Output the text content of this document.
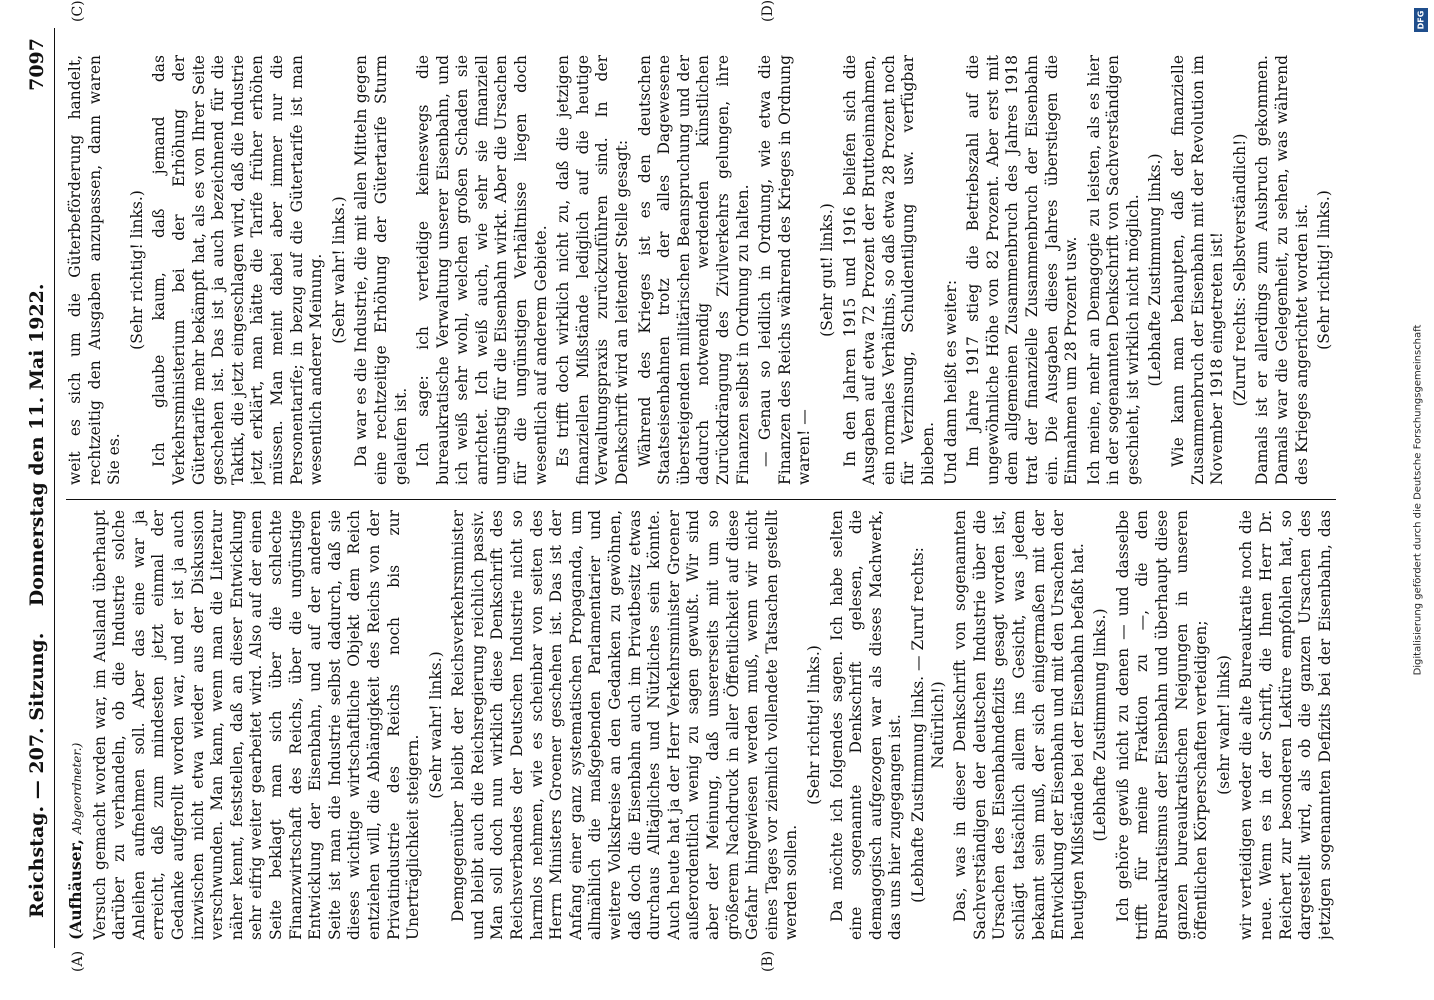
Reichstag. — 207. Sitzung.    Donnerstag den 11. Mai 1922.
7097
(A)	(B)
(C)	(D)

(Aufhäuser, Abgeordneter.) Versuch gemacht worden war, im Ausland überhaupt darüber zu verhandeln, ob die Industrie solche Anleihen aufnehmen soll. Aber das eine war ja erreicht, daß zum mindesten jetzt einmal der Gedanke aufgerollt worden war, und er ist ja auch inzwischen nicht etwa wieder aus der Diskussion verschwunden. Man kann, wenn man die Literatur näher kennt, feststellen, daß an dieser Entwicklung sehr eifrig weiter gearbeitet wird. Also auf der einen Seite beklagt man sich über die schlechte Finanzwirtschaft des Reichs, über die ungünstige Entwicklung der Eisenbahn, und auf der anderen Seite ist man die Industrie selbst dadurch, daß sie dieses wichtige wirtschaftliche Objekt dem Reich entziehen will, die Abhängigkeit des Reichs von der Privatindustrie des Reichs noch bis zur Unerträglichkeit steigern.

(Sehr wahr! links.) Demgegenüber bleibt der Reichsverkehrsminister und bleibt auch die Reichsregierung reichlich passiv. Man soll doch nun wirklich diese Denkschrift des Reichsverbandes der Deutschen Industrie nicht so harmlos nehmen, wie es scheinbar von seiten des Herrn Ministers Groener geschehen ist. Das ist der Anfang einer ganz systematischen Propaganda, um allmählich die maßgebenden Parlamentarier und weitere Volkskreise an den Gedanken zu gewöhnen, daß doch die Eisenbahn auch im Privatbesitz etwas durchaus Alltägliches und Nützliches sein könnte. Auch heute hat ja der Herr Verkehrsminister Groener außerordentlich wenig zu sagen gewußt. Wir sind aber der Meinung, daß unsererseits mit um so größerem Nachdruck in aller Öffentlichkeit auf diese Gefahr hingewiesen werden muß, wenn wir nicht eines Tages vor ziemlich vollendete Tatsachen gestellt werden sollen.

(Sehr richtig! links.) Da möchte ich folgendes sagen. Ich habe selten eine sogenannte Denkschrift gelesen, die demagogisch aufgezogen war als dieses Machwerk, das uns hier zugegangen ist. (Lebhafte Zustimmung links. — Zuruf rechts: Natürlich!) Das, was in dieser Denkschrift von sogenannten Sachverständigen der deutschen Industrie über die Ursachen des Eisenbahndefizits gesagt worden ist, schlägt tatsächlich allem ins Gesicht, was jedem bekannt sein muß, der sich einigermaßen mit der Entwicklung der Eisenbahn und mit den Ursachen der heutigen Mißstände bei der Eisenbahn befaßt hat. (Lebhafte Zustimmung links.) Ich gehöre gewiß nicht zu denen — und dasselbe trifft für meine Fraktion zu —, die den Bureaukratismus der Eisenbahn und überhaupt diese ganzen bureaukratischen Neigungen in unseren öffentlichen Körperschaften verteidigen; (sehr wahr! links)

wir verteidigen weder die alte Bureaukratie noch die neue. Wenn es in der Schrift, die Ihnen Herr Dr. Reichert zur besonderen Lektüre empfohlen hat, so dargestellt wird, als ob die ganzen Ursachen des jetzigen sogenannten Defizits bei der Eisenbahn, das

weit es sich um die Güterbeförderung handelt, rechtzeitig den Ausgaben anzupassen, dann waren Sie es.

(Sehr richtig! links.) Ich glaube kaum, daß jemand das Verkehrsministerium bei der Erhöhung der Gütertarife mehr bekämpft hat, als es von Ihrer Seite geschehen ist. Das ist ja auch bezeichnend für die Taktik, die jetzt eingeschlagen wird, daß die Industrie jetzt erklärt, man hätte die Tarife früher erhöhen müssen. Man meint dabei aber immer nur die Personentarife; in bezug auf die Gütertarife ist man wesentlich anderer Meinung. (Sehr wahr! links.) Da war es die Industrie, die mit allen Mitteln gegen eine rechtzeitige Erhöhung der Gütertarife Sturm gelaufen ist. Ich sage: ich verteidige keineswegs die bureaukratische Verwaltung unserer Eisenbahn, und ich weiß sehr wohl, welchen großen Schaden sie anrichtet. Ich weiß auch, wie sehr sie finanziell ungünstig für die Eisenbahn wirkt. Aber die Ursachen für die ungünstigen Verhältnisse liegen doch wesentlich auf anderem Gebiete. Es trifft doch wirklich nicht zu, daß die jetzigen finanziellen Mißstände lediglich auf die heutige Verwaltungspraxis zurückzuführen sind. In der Denkschrift wird an leitender Stelle gesagt: Während des Krieges ist es den deutschen Staatseisenbahnen trotz der alles Dagewesene übersteigenden militärischen Beanspruchung und der dadurch notwendig werdenden künstlichen Zurückdrängung des Zivilverkehrs gelungen, ihre Finanzen selbst in Ordnung zu halten. — Genau so leidlich in Ordnung, wie etwa die Finanzen des Reichs während des Krieges in Ordnung waren! —

(Sehr gut! links.) In den Jahren 1915 und 1916 beliefen sich die Ausgaben auf etwa 72 Prozent der Bruttoeinnahmen, ein normales Verhältnis, so daß etwa 28 Prozent noch für Verzinsung, Schuldentilgung usw. verfügbar blieben. Und dann heißt es weiter: Im Jahre 1917 stieg die Betriebszahl auf die ungewöhnliche Höhe von 82 Prozent. Aber erst mit dem allgemeinen Zusammenbruch des Jahres 1918 trat der finanzielle Zusammenbruch der Eisenbahn ein. Die Ausgaben dieses Jahres überstiegen die Einnahmen um 28 Prozent usw. Ich meine, mehr an Demagogie zu leisten, als es hier in der sogenannten Denkschrift von Sachverständigen geschieht, ist wirklich nicht möglich. (Lebhafte Zustimmung links.) Wie kann man behaupten, daß der finanzielle Zusammenbruch der Eisenbahn mit der Revolution im November 1918 eingetreten ist! (Zuruf rechts: Selbstverständlich!) Damals ist er allerdings zum Ausbruch gekommen. Damals war die Gelegenheit, zu sehen, was während des Krieges angerichtet worden ist. (Sehr richtig! links.)

Digitalisierung gefördert durch die Deutsche Forschungsgemeinschaft
DFG
